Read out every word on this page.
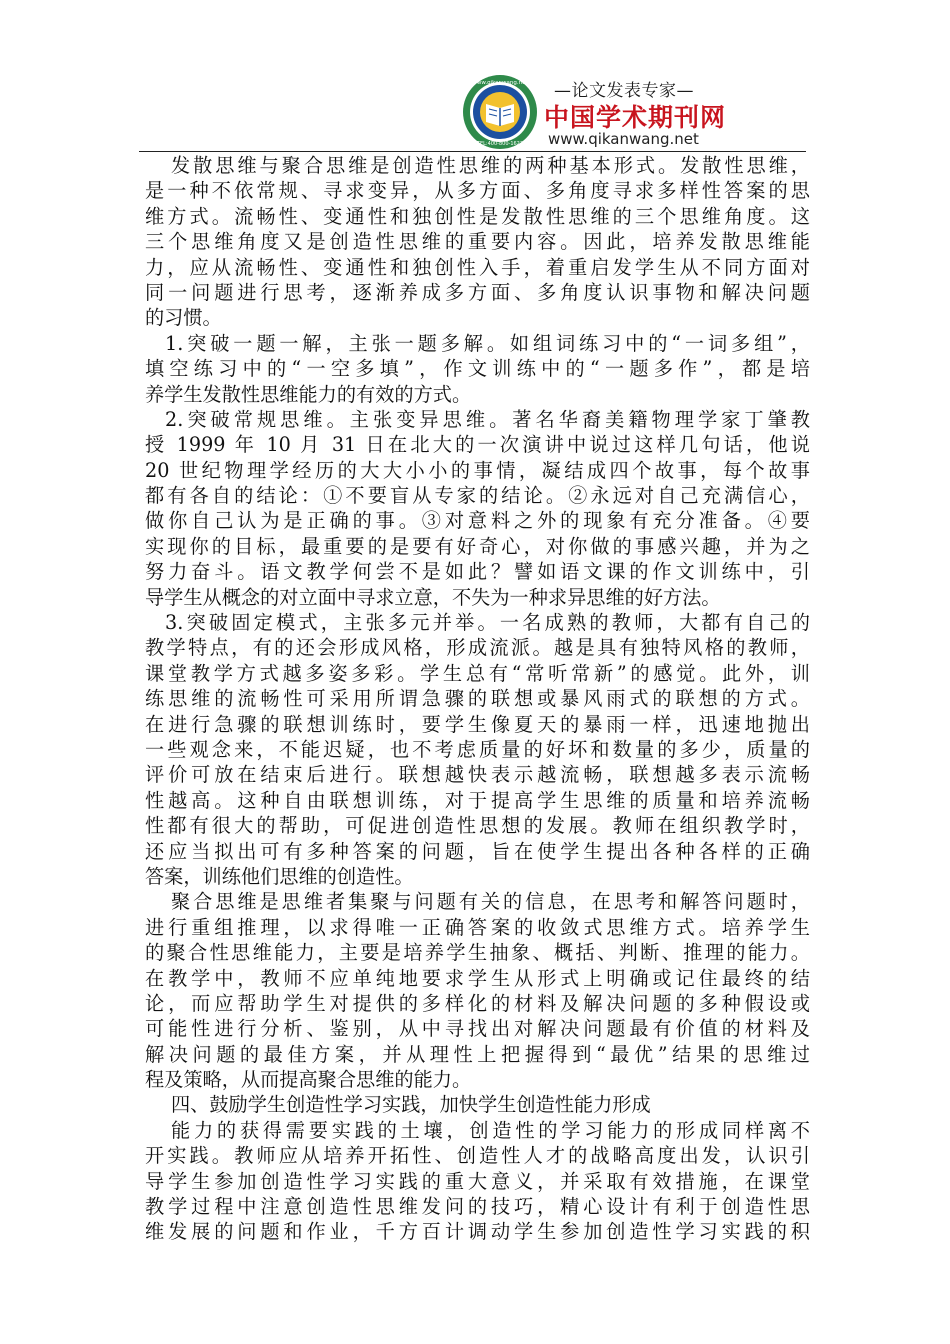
www.qikanwang.net
TEL:400-800-1622
—论文发表专家—
中国学术期刊网
www.qikanwang.net
发散思维与聚合思维是创造性思维的两种基本形式。发散性思维，
是一种不依常规、寻求变异，从多方面、多角度寻求多样性答案的思
维方式。流畅性、变通性和独创性是发散性思维的三个思维角度。这
三个思维角度又是创造性思维的重要内容。因此，培养发散思维能
力，应从流畅性、变通性和独创性入手，着重启发学生从不同方面对
同一问题进行思考，逐渐养成多方面、多角度认识事物和解决问题
的习惯。
1.突破一题一解，主张一题多解。如组词练习中的“一词多组”，
填空练习中的“一空多填”，作文训练中的“一题多作”，都是培
养学生发散性思维能力的有效的方式。
2.突破常规思维。主张变异思维。著名华裔美籍物理学家丁肇教
授 1999 年 10 月 31 日在北大的一次演讲中说过这样几句话，他说
20 世纪物理学经历的大大小小的事情，凝结成四个故事，每个故事
都有各自的结论：①不要盲从专家的结论。②永远对自己充满信心，
做你自己认为是正确的事。③对意料之外的现象有充分准备。④要
实现你的目标，最重要的是要有好奇心，对你做的事感兴趣，并为之
努力奋斗。语文教学何尝不是如此？譬如语文课的作文训练中，引
导学生从概念的对立面中寻求立意，不失为一种求异思维的好方法。
3.突破固定模式，主张多元并举。一名成熟的教师，大都有自己的
教学特点，有的还会形成风格，形成流派。越是具有独特风格的教师，
课堂教学方式越多姿多彩。学生总有“常听常新”的感觉。此外，训
练思维的流畅性可采用所谓急骤的联想或暴风雨式的联想的方式。
在进行急骤的联想训练时，要学生像夏天的暴雨一样，迅速地抛出
一些观念来，不能迟疑，也不考虑质量的好坏和数量的多少，质量的
评价可放在结束后进行。联想越快表示越流畅，联想越多表示流畅
性越高。这种自由联想训练，对于提高学生思维的质量和培养流畅
性都有很大的帮助，可促进创造性思想的发展。教师在组织教学时，
还应当拟出可有多种答案的问题，旨在使学生提出各种各样的正确
答案，训练他们思维的创造性。
聚合思维是思维者集聚与问题有关的信息，在思考和解答问题时，
进行重组推理，以求得唯一正确答案的收敛式思维方式。培养学生
的聚合性思维能力，主要是培养学生抽象、概括、判断、推理的能力。
在教学中，教师不应单纯地要求学生从形式上明确或记住最终的结
论，而应帮助学生对提供的多样化的材料及解决问题的多种假设或
可能性进行分析、鉴别，从中寻找出对解决问题最有价值的材料及
解决问题的最佳方案，并从理性上把握得到“最优”结果的思维过
程及策略，从而提高聚合思维的能力。
四、鼓励学生创造性学习实践，加快学生创造性能力形成
能力的获得需要实践的土壤，创造性的学习能力的形成同样离不
开实践。教师应从培养开拓性、创造性人才的战略高度出发，认识引
导学生参加创造性学习实践的重大意义，并采取有效措施，在课堂
教学过程中注意创造性思维发问的技巧，精心设计有利于创造性思
维发展的问题和作业，千方百计调动学生参加创造性学习实践的积
